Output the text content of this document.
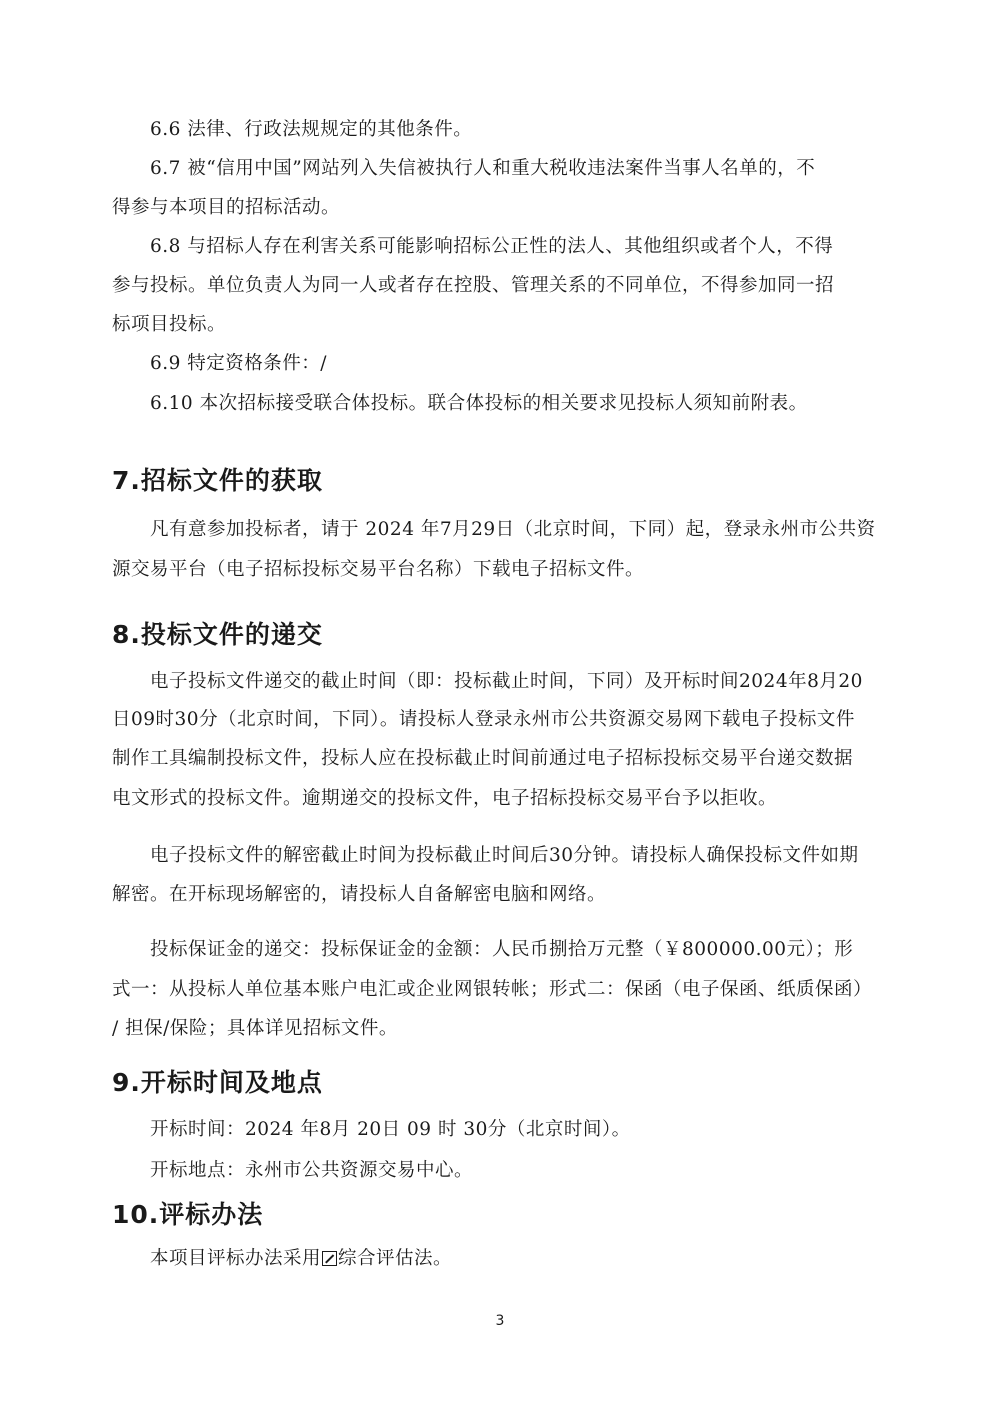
6.6 法律、行政法规规定的其他条件。
6.7 被“信用中国”网站列入失信被执行人和重大税收违法案件当事人名单的，不
得参与本项目的招标活动。
6.8 与招标人存在利害关系可能影响招标公正性的法人、其他组织或者个人，不得
参与投标。单位负责人为同一人或者存在控股、管理关系的不同单位，不得参加同一招
标项目投标。
6.9 特定资格条件：/
6.10 本次招标接受联合体投标。联合体投标的相关要求见投标人须知前附表。
7.招标文件的获取
凡有意参加投标者，请于 2024 年7月29日（北京时间，下同）起，登录永州市公共资
源交易平台（电子招标投标交易平台名称）下载电子招标文件。
8.投标文件的递交
电子投标文件递交的截止时间（即：投标截止时间，下同）及开标时间2024年8月20
日09时30分（北京时间，下同）。请投标人登录永州市公共资源交易网下载电子投标文件
制作工具编制投标文件，投标人应在投标截止时间前通过电子招标投标交易平台递交数据
电文形式的投标文件。逾期递交的投标文件，电子招标投标交易平台予以拒收。
电子投标文件的解密截止时间为投标截止时间后30分钟。请投标人确保投标文件如期
解密。在开标现场解密的，请投标人自备解密电脑和网络。
投标保证金的递交：投标保证金的金额：人民币捌拾万元整（￥800000.00元）；形
式一：从投标人单位基本账户电汇或企业网银转帐；形式二：保函（电子保函、纸质保函）
/ 担保/保险；具体详见招标文件。
9.开标时间及地点
开标时间：2024 年8月 20日 09 时 30分（北京时间）。
开标地点：永州市公共资源交易中心。
10.评标办法
本项目评标办法采用 综合评估法。
3
